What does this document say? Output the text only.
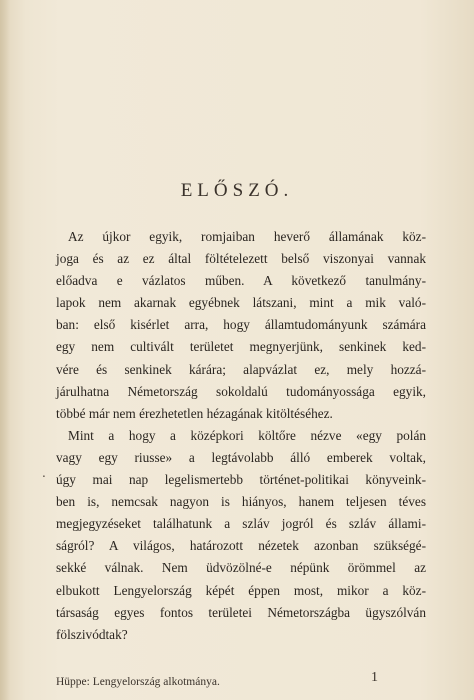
ELŐSZÓ.
Az újkor egyik, romjaiban heverő államának köz-
joga és az ez által föltételezett belső viszonyai vannak
előadva e vázlatos műben. A következő tanulmány-
lapok nem akarnak egyébnek látszani, mint a mik való-
ban: első kisérlet arra, hogy államtudományunk számára
egy nem cultivált területet megnyerjünk, senkinek ked-
vére és senkinek kárára; alapvázlat ez, mely hozzá-
járulhatna Németország sokoldalú tudományossága egyik,
többé már nem érezhetetlen hézagának kitöltéséhez.
Mint a hogy a középkori költőre nézve «egy polán
vagy egy riusse» a legtávolabb álló emberek voltak,
úgy mai nap legelismertebb történet-politikai könyveink-
ben is, nemcsak nagyon is hiányos, hanem teljesen téves
megjegyzéseket találhatunk a szláv jogról és szláv állami-
ságról? A világos, határozott nézetek azonban szükségé-
sekké válnak. Nem üdvözölné-e népünk örömmel az
elbukott Lengyelország képét éppen most, mikor a köz-
társaság egyes fontos területei Németországba ügyszólván
fölszivódtak?
.
Hüppe: Lengyelország alkotmánya.	1
